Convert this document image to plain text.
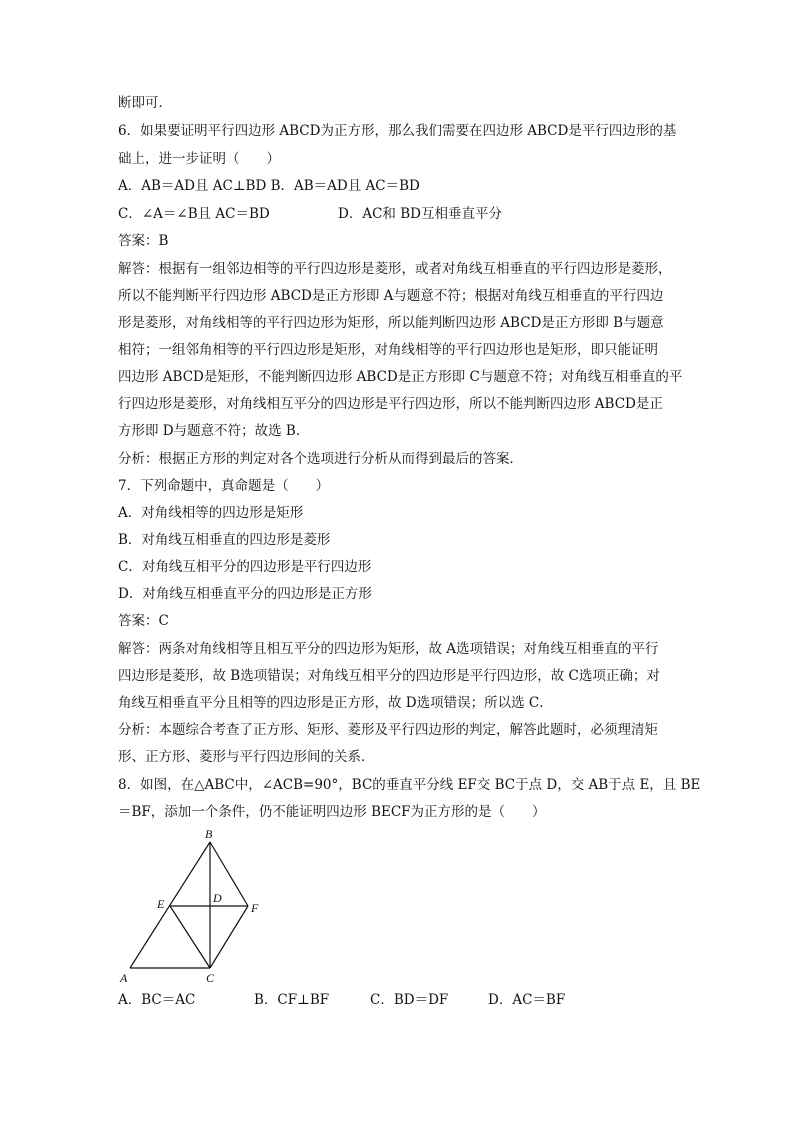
断即可．
6．如果要证明平行四边形 ABCD为正方形，那么我们需要在四边形 ABCD是平行四边形的基
础上，进一步证明（　　）
A．AB＝AD且 AC⊥BD B．AB＝AD且 AC＝BD
C．∠A＝∠B且 AC＝BD	D．AC和 BD互相垂直平分
答案：B
解答：根据有一组邻边相等的平行四边形是菱形，或者对角线互相垂直的平行四边形是菱形，
所以不能判断平行四边形 ABCD是正方形即 A与题意不符；根据对角线互相垂直的平行四边
形是菱形，对角线相等的平行四边形为矩形，所以能判断四边形 ABCD是正方形即 B与题意
相符；一组邻角相等的平行四边形是矩形，对角线相等的平行四边形也是矩形，即只能证明
四边形 ABCD是矩形，不能判断四边形 ABCD是正方形即 C与题意不符；对角线互相垂直的平
行四边形是菱形，对角线相互平分的四边形是平行四边形，所以不能判断四边形 ABCD是正
方形即 D与题意不符；故选 B．
分析：根据正方形的判定对各个选项进行分析从而得到最后的答案．
7．下列命题中，真命题是（　　）
A．对角线相等的四边形是矩形
B．对角线互相垂直的四边形是菱形
C．对角线互相平分的四边形是平行四边形
D．对角线互相垂直平分的四边形是正方形
答案：C
解答：两条对角线相等且相互平分的四边形为矩形，故 A选项错误；对角线互相垂直的平行
四边形是菱形，故 B选项错误；对角线互相平分的四边形是平行四边形，故 C选项正确；对
角线互相垂直平分且相等的四边形是正方形，故 D选项错误；所以选 C．
分析：本题综合考查了正方形、矩形、菱形及平行四边形的判定，解答此题时，必须理清矩
形、正方形、菱形与平行四边形间的关系．
8．如图，在△ABC中，∠ACB=90°，BC的垂直平分线 EF交 BC于点 D，交 AB于点 E，且 BE
＝BF，添加一个条件，仍不能证明四边形 BECF为正方形的是（　　）
B
E	D
F
A	C
A．BC＝AC	B．CF⊥BF	C．BD＝DF	D．AC＝BF
